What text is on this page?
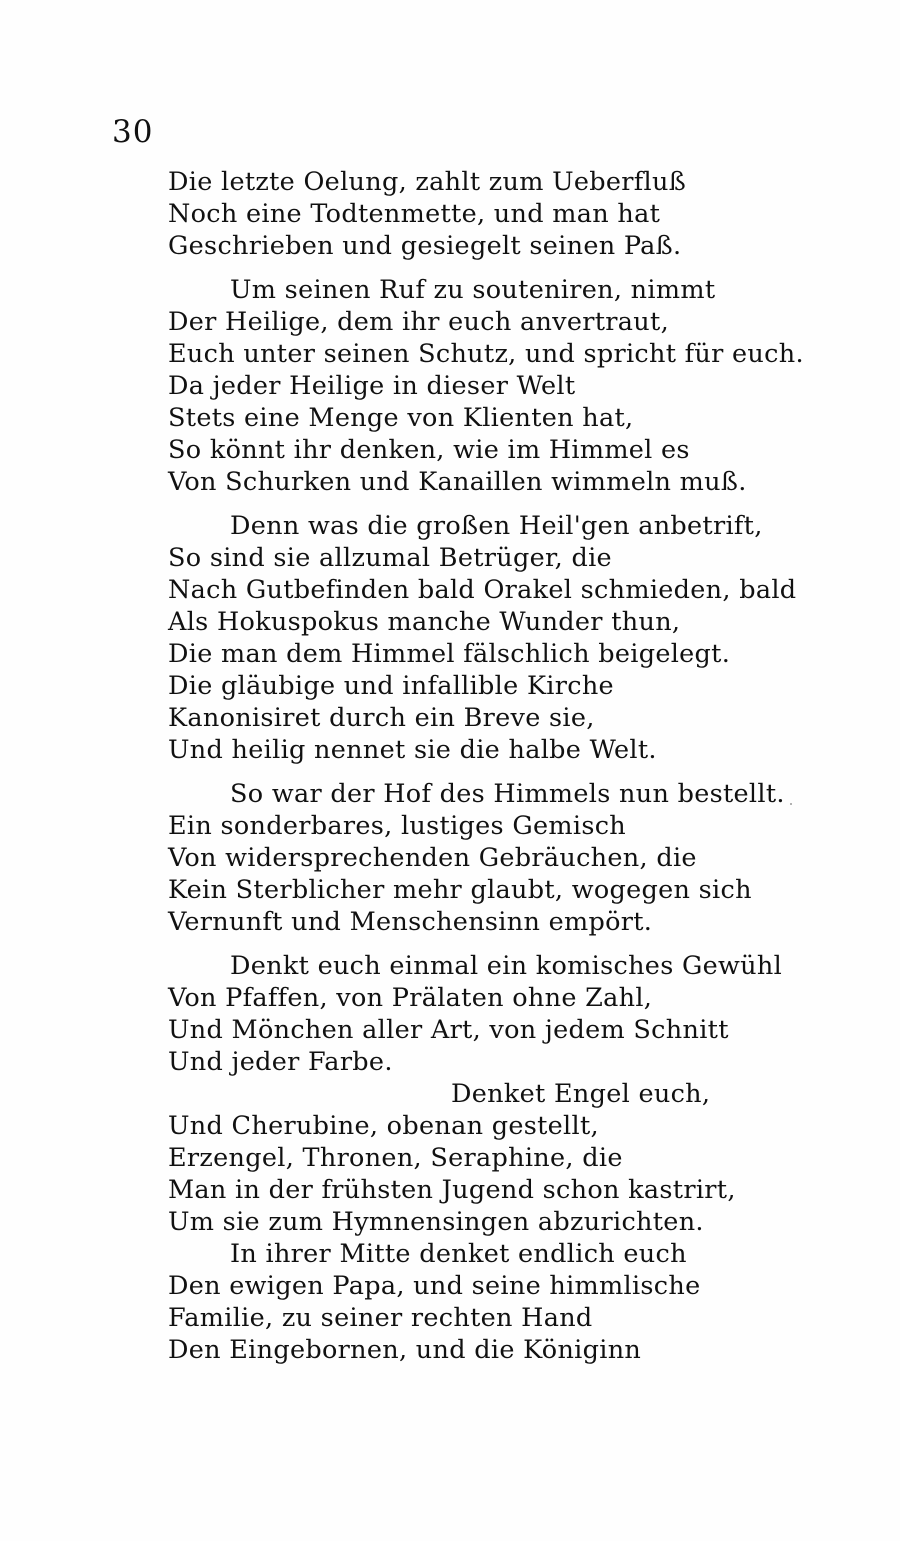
30
Die letzte Oelung, zahlt zum Ueberfluß
Noch eine Todtenmette, und man hat
Geschrieben und gesiegelt seinen Paß.
Um seinen Ruf zu souteniren, nimmt
Der Heilige, dem ihr euch anvertraut,
Euch unter seinen Schutz, und spricht für euch.
Da jeder Heilige in dieser Welt
Stets eine Menge von Klienten hat,
So könnt ihr denken, wie im Himmel es
Von Schurken und Kanaillen wimmeln muß.
Denn was die großen Heil'gen anbetrift,
So sind sie allzumal Betrüger, die
Nach Gutbefinden bald Orakel schmieden, bald
Als Hokuspokus manche Wunder thun,
Die man dem Himmel fälschlich beigelegt.
Die gläubige und infallible Kirche
Kanonisiret durch ein Breve sie,
Und heilig nennet sie die halbe Welt.
So war der Hof des Himmels nun bestellt.
Ein sonderbares, lustiges Gemisch
Von widersprechenden Gebräuchen, die
Kein Sterblicher mehr glaubt, wogegen sich
Vernunft und Menschensinn empört.
Denkt euch einmal ein komisches Gewühl
Von Pfaffen, von Prälaten ohne Zahl,
Und Mönchen aller Art, von jedem Schnitt
Und jeder Farbe.
Denket Engel euch,
Und Cherubine, obenan gestellt,
Erzengel, Thronen, Seraphine, die
Man in der frühsten Jugend schon kastrirt,
Um sie zum Hymnensingen abzurichten.
In ihrer Mitte denket endlich euch
Den ewigen Papa, und seine himmlische
Familie, zu seiner rechten Hand
Den Eingebornen, und die Königinn
